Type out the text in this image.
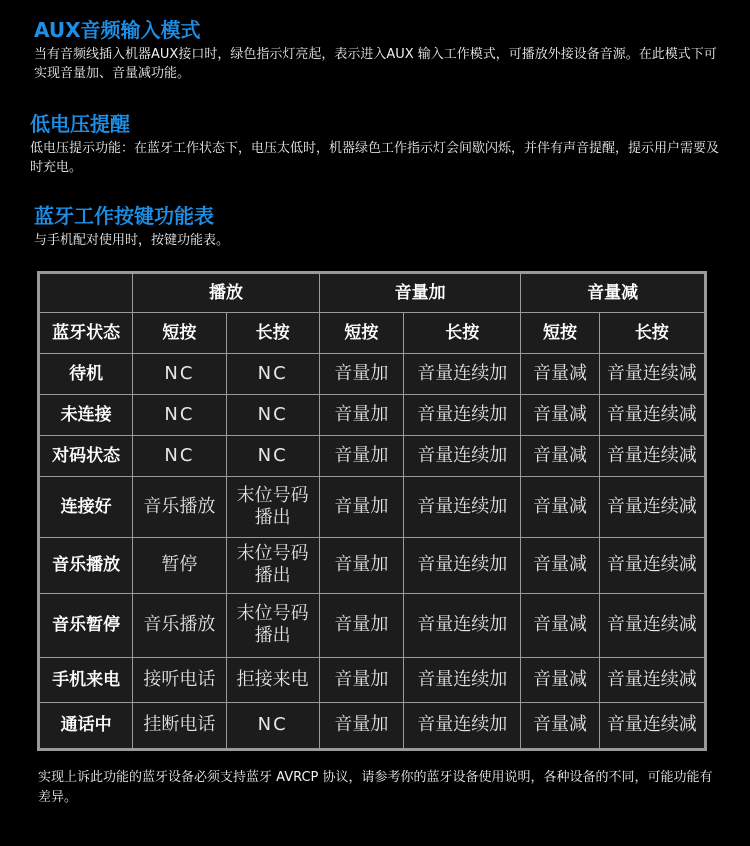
AUX音频输入模式

当有音频线插入机器AUX接口时，绿色指示灯亮起，表示进入AUX 输入工作模式，可播放外接设备音源。在此模式下可实现音量加、音量减功能。

低电压提醒

低电压提示功能：在蓝牙工作状态下，电压太低时，机器绿色工作指示灯会间歇闪烁，并伴有声音提醒，提示用户需要及时充电。

蓝牙工作按键功能表

与手机配对使用时，按键功能表。

	播放		音量加		音量减	
蓝牙状态	短按	长按	短按	长按	短按	长按
待机	NC	NC	音量加	音量连续加	音量减	音量连续减
未连接	NC	NC	音量加	音量连续加	音量减	音量连续减
对码状态	NC	NC	音量加	音量连续加	音量减	音量连续减
连接好	音乐播放	末位号码播出	音量加	音量连续加	音量减	音量连续减
音乐播放	暂停	末位号码播出	音量加	音量连续加	音量减	音量连续减
音乐暂停	音乐播放	末位号码播出	音量加	音量连续加	音量减	音量连续减
手机来电	接听电话	拒接来电	音量加	音量连续加	音量减	音量连续减
通话中	挂断电话	NC	音量加	音量连续加	音量减	音量连续减

实现上诉此功能的蓝牙设备必须支持蓝牙 AVRCP 协议，请参考你的蓝牙设备使用说明，各种设备的不同，可能功能有差异。
